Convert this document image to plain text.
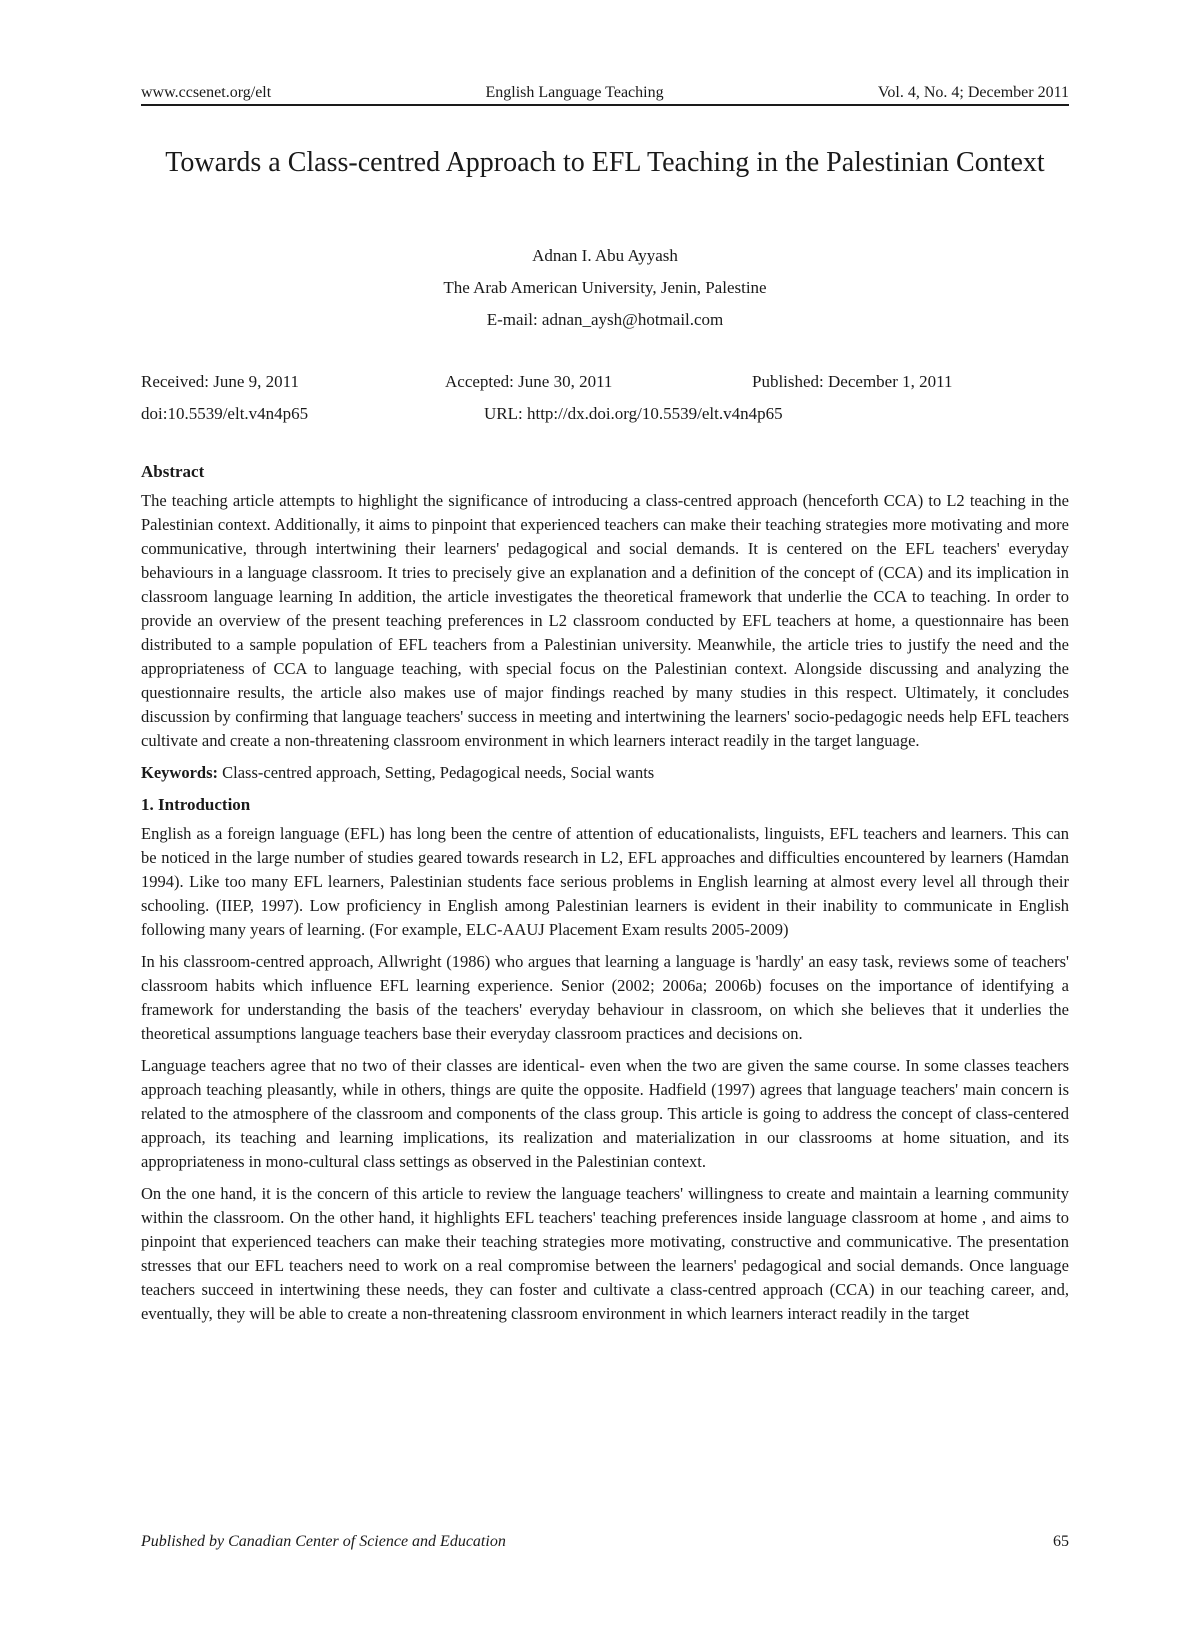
www.ccsenet.org/elt	English Language Teaching	Vol. 4, No. 4; December 2011
Towards a Class-centred Approach to EFL Teaching in the Palestinian Context
Adnan I. Abu Ayyash
The Arab American University, Jenin, Palestine
E-mail: adnan_aysh@hotmail.com
Received: June 9, 2011	Accepted: June 30, 2011	Published: December 1, 2011
doi:10.5539/elt.v4n4p65	URL: http://dx.doi.org/10.5539/elt.v4n4p65
Abstract

The teaching article attempts to highlight the significance of introducing a class-centred approach (henceforth CCA) to L2 teaching in the Palestinian context. Additionally, it aims to pinpoint that experienced teachers can make their teaching strategies more motivating and more communicative, through intertwining their learners' pedagogical and social demands. It is centered on the EFL teachers' everyday behaviours in a language classroom. It tries to precisely give an explanation and a definition of the concept of (CCA) and its implication in classroom language learning In addition, the article investigates the theoretical framework that underlie the CCA to teaching. In order to provide an overview of the present teaching preferences in L2 classroom conducted by EFL teachers at home, a questionnaire has been distributed to a sample population of EFL teachers from a Palestinian university. Meanwhile, the article tries to justify the need and the appropriateness of CCA to language teaching, with special focus on the Palestinian context. Alongside discussing and analyzing the questionnaire results, the article also makes use of major findings reached by many studies in this respect. Ultimately, it concludes discussion by confirming that language teachers' success in meeting and intertwining the learners' socio-pedagogic needs help EFL teachers cultivate and create a non-threatening classroom environment in which learners interact readily in the target language.

Keywords: Class-centred approach, Setting, Pedagogical needs, Social wants

1. Introduction

English as a foreign language (EFL) has long been the centre of attention of educationalists, linguists, EFL teachers and learners. This can be noticed in the large number of studies geared towards research in L2, EFL approaches and difficulties encountered by learners (Hamdan 1994). Like too many EFL learners, Palestinian students face serious problems in English learning at almost every level all through their schooling. (IIEP, 1997). Low proficiency in English among Palestinian learners is evident in their inability to communicate in English following many years of learning. (For example, ELC-AAUJ Placement Exam results 2005-2009)

In his classroom-centred approach, Allwright (1986) who argues that learning a language is 'hardly' an easy task, reviews some of teachers' classroom habits which influence EFL learning experience. Senior (2002; 2006a; 2006b) focuses on the importance of identifying a framework for understanding the basis of the teachers' everyday behaviour in classroom, on which she believes that it underlies the theoretical assumptions language teachers base their everyday classroom practices and decisions on.

Language teachers agree that no two of their classes are identical- even when the two are given the same course. In some classes teachers approach teaching pleasantly, while in others, things are quite the opposite. Hadfield (1997) agrees that language teachers' main concern is related to the atmosphere of the classroom and components of the class group. This article is going to address the concept of class-centered approach, its teaching and learning implications, its realization and materialization in our classrooms at home situation, and its appropriateness in mono-cultural class settings as observed in the Palestinian context.

On the one hand, it is the concern of this article to review the language teachers' willingness to create and maintain a learning community within the classroom. On the other hand, it highlights EFL teachers' teaching preferences inside language classroom at home , and aims to pinpoint that experienced teachers can make their teaching strategies more motivating, constructive and communicative. The presentation stresses that our EFL teachers need to work on a real compromise between the learners' pedagogical and social demands. Once language teachers succeed in intertwining these needs, they can foster and cultivate a class-centred approach (CCA) in our teaching career, and, eventually, they will be able to create a non-threatening classroom environment in which learners interact readily in the target

Published by Canadian Center of Science and Education	65
